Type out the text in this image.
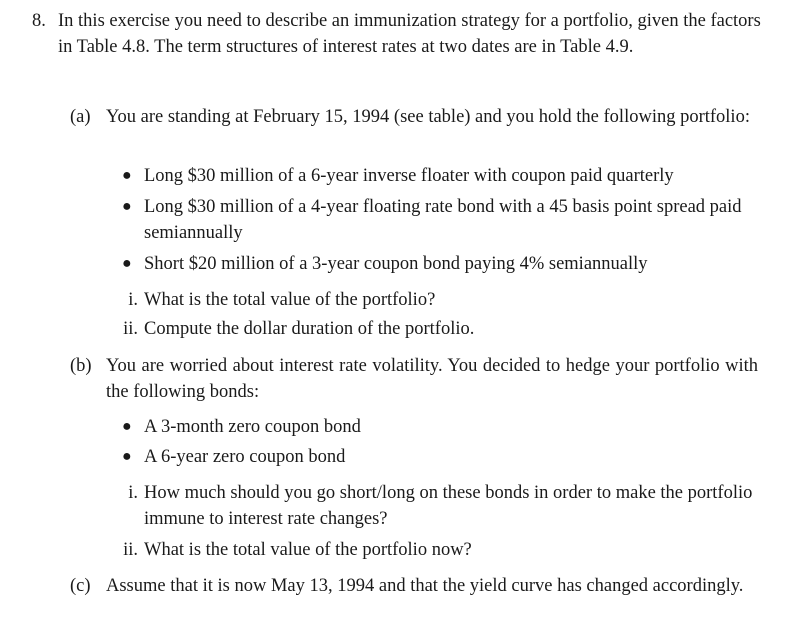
8. In this exercise you need to describe an immunization strategy for a portfolio, given the factors in Table 4.8. The term structures of interest rates at two dates are in Table 4.9.
(a) You are standing at February 15, 1994 (see table) and you hold the following portfolio:
● Long $30 million of a 6-year inverse floater with coupon paid quarterly
● Long $30 million of a 4-year floating rate bond with a 45 basis point spread paid semiannually
● Short $20 million of a 3-year coupon bond paying 4% semiannually
i. What is the total value of the portfolio?
ii. Compute the dollar duration of the portfolio.
(b) You are worried about interest rate volatility. You decided to hedge your portfolio with the following bonds:
● A 3-month zero coupon bond
● A 6-year zero coupon bond
i. How much should you go short/long on these bonds in order to make the portfolio immune to interest rate changes?
ii. What is the total value of the portfolio now?
(c) Assume that it is now May 13, 1994 and that the yield curve has changed accordingly.
